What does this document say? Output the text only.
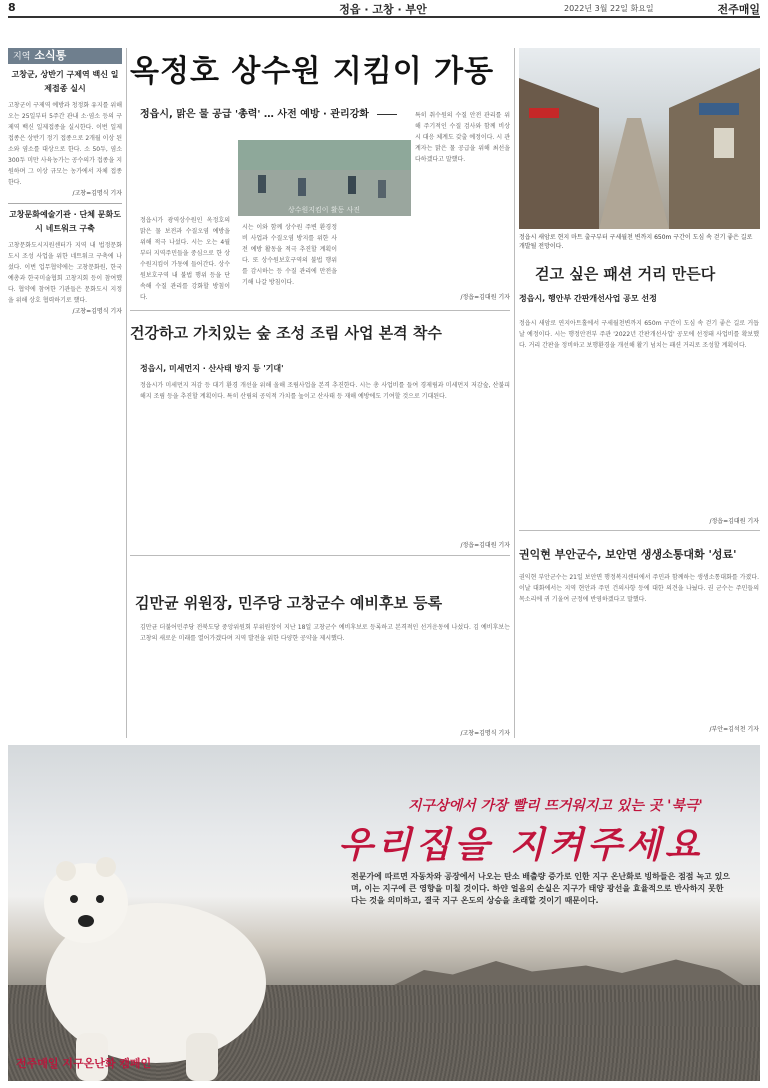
8	정읍 · 고창 · 부안	2022년 3월 22일 화요일	전주매일
지역 소식통
고창군, 상반기 구제역 백신 일제접종 실시
고창군이 구제역 예방과 청정화 유지를 위해 오는 25일부터 5주간 관내 소·염소 등의 구제역 백신 일제접종을 실시한다. 이번 일제접종은 상반기 정기 접종으로 2개월 이상 된 소와 염소를 대상으로 한다. 소 50두, 염소 300두 미만 사육농가는 공수의가 접종을 지원하며 그 이상 규모는 농가에서 자체 접종한다.
/고창=김명식 기자
고창문화예술기관 · 단체 문화도시 네트워크 구축
고창문화도시지원센터가 지역 내 법정문화도시 조성 사업을 위한 네트워크 구축에 나섰다. 이번 업무협약에는 고창문화원, 한국예총과 한국미술협회 고창지회 등이 참여했다. 협약에 참여한 기관들은 문화도시 지정을 위해 상호 협력하기로 했다.
/고창=김명식 기자
옥정호 상수원 지킴이 가동
정읍시, 맑은 물 공급 '총력' … 사전 예방 · 관리강화
정읍시가 광역상수원인 옥정호의 맑은 물 보전과 수질오염 예방을 위해 적극 나섰다. 시는 오는 4월부터 지역주민들을 중심으로 한 상수원지킴이 가동에 들어간다. 상수원보호구역 내 불법 행위 등을 단속해 수질 관리를 강화할 방침이다.
시는 이와 함께 상수원 주변 환경정비 사업과 수질오염 방지를 위한 사전 예방 활동을 적극 추진할 계획이다. 또 상수원보호구역의 불법 행위를 감시하는 등 수질 관리에 만전을 기해 나갈 방침이다.
특히 취수원의 수질 안전 관리를 위해 주기적인 수질 검사와 함께 비상시 대응 체계도 갖출 예정이다. 시 관계자는 맑은 물 공급을 위해 최선을 다하겠다고 말했다.
/정읍=김대원 기자
상수원지킴이 활동 사진
정읍시 새암로 현지 마트 출구부터 구세월천 변까지 650m 구간이 도심 속 걷기 좋은 길로 개발될 전망이다.
걷고 싶은 패션 거리 만든다
정읍시, 행안부 간판개선사업 공모 선정
정읍시 새암로 연지아트홀에서 구세월천변까지 650m 구간이 도심 속 걷기 좋은 길로 거듭날 예정이다. 시는 행정안전부 주관 '2022년 간판개선사업' 공모에 선정돼 사업비를 확보했다. 거리 간판을 정비하고 보행환경을 개선해 활기 넘치는 패션 거리로 조성할 계획이다.
/정읍=김대원 기자
건강하고 가치있는 숲 조성 조림 사업 본격 착수
정읍시, 미세먼지 · 산사태 방지 등 '기대'
정읍시가 미세먼지 저감 등 대기 환경 개선을 위해 올해 조림사업을 본격 추진한다. 시는 총 사업비를 들여 경제림과 미세먼지 저감숲, 산불피해지 조림 등을 추진할 계획이다. 특히 산림의 공익적 가치를 높이고 산사태 등 재해 예방에도 기여할 것으로 기대된다.
/정읍=김대원 기자
김만균 위원장, 민주당 고창군수 예비후보 등록
김만균 더불어민주당 전북도당 중앙위원회 부위원장이 지난 18일 고창군수 예비후보로 등록하고 본격적인 선거운동에 나섰다. 김 예비후보는 고창의 새로운 미래를 열어가겠다며 지역 발전을 위한 다양한 공약을 제시했다.
/고창=김명식 기자
권익현 부안군수, 보안면 생생소통대화 '성료'
권익현 부안군수는 21일 보안면 행정복지센터에서 주민과 함께하는 생생소통대화를 가졌다. 이날 대화에서는 지역 현안과 주민 건의사항 등에 대한 의견을 나눴다. 권 군수는 주민들의 목소리에 귀 기울여 군정에 반영하겠다고 말했다.
/부안=김석천 기자
지구상에서 가장 빨리 뜨거워지고 있는 곳 '북극'
우리집을 지켜주세요
전문가에 따르면 자동차와 공장에서 나오는 탄소 배출량 증가로 인한 지구 온난화로 빙하들은 점점 녹고 있으며, 이는 지구에 큰 영향을 미칠 것이다. 하얀 얼음의 손실은 지구가 태양 광선을 효율적으로 반사하지 못한다는 것을 의미하고, 결국 지구 온도의 상승을 초래할 것이기 때문이다.
전주매일 지구온난화 캠페인
